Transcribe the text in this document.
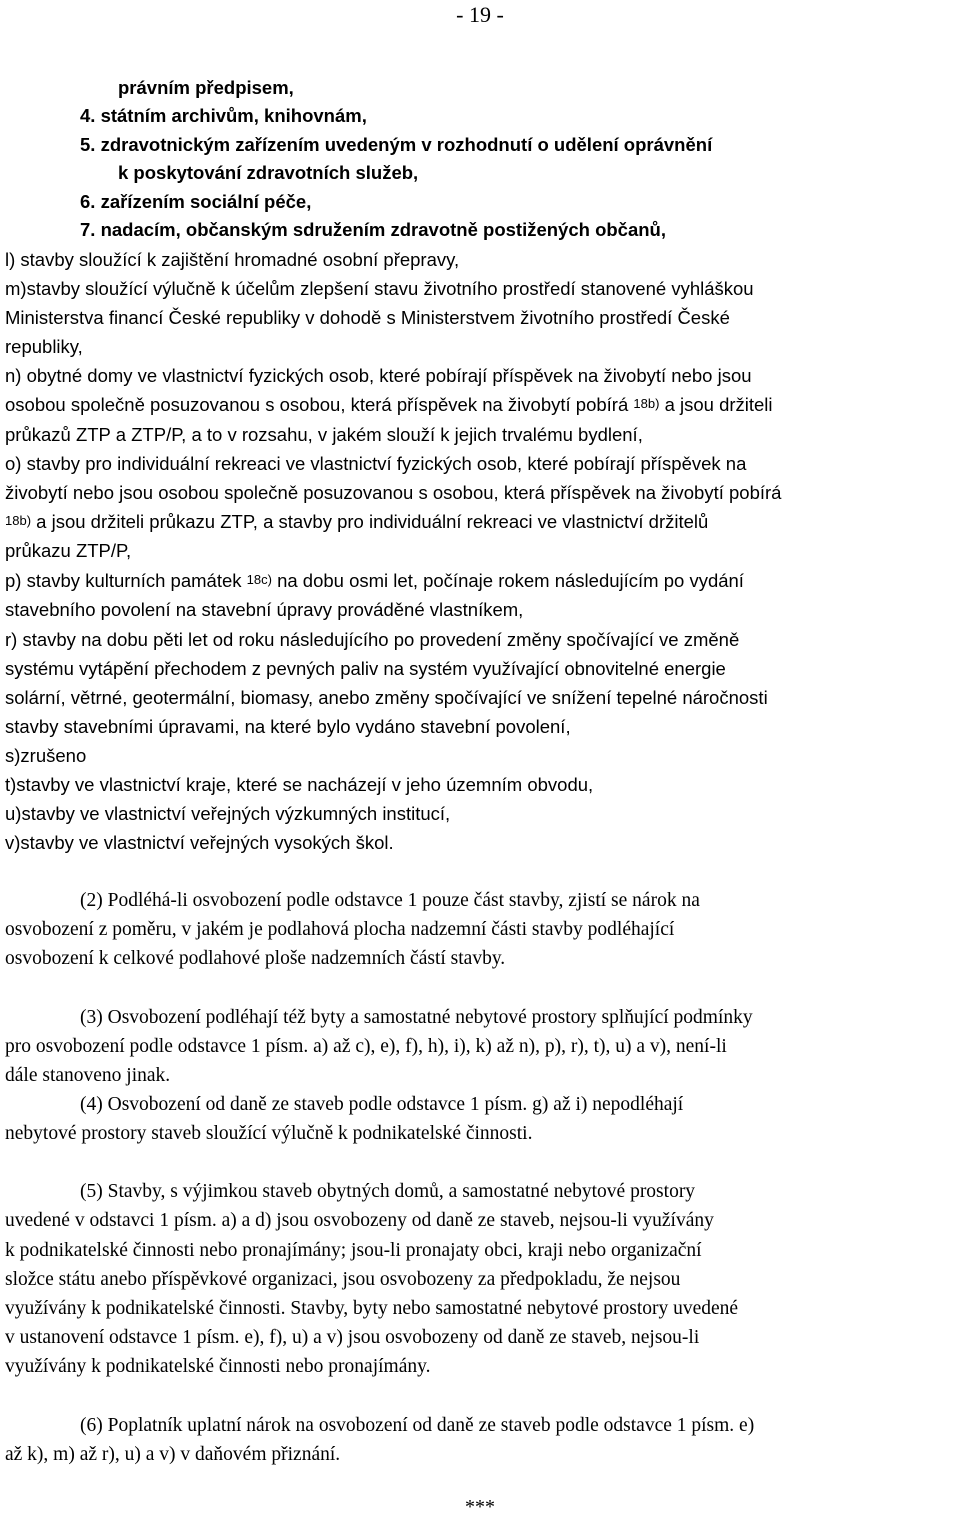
- 19 -
právním předpisem,
4. státním archivům, knihovnám,
5. zdravotnickým zařízením uvedeným v rozhodnutí o udělení oprávnění
k poskytování zdravotních služeb,
6. zařízením sociální péče,
7. nadacím, občanským sdružením zdravotně postižených občanů,
l) stavby sloužící k zajištění hromadné osobní přepravy,
m)stavby sloužící výlučně k účelům zlepšení stavu životního prostředí stanovené vyhláškou
Ministerstva financí České republiky v dohodě s Ministerstvem životního prostředí České
republiky,
n) obytné domy ve vlastnictví fyzických osob, které pobírají příspěvek na živobytí nebo jsou
osobou společně posuzovanou s osobou, která příspěvek na živobytí pobírá $^{18b)}$ a jsou držiteli
průkazů ZTP a ZTP/P, a to v rozsahu, v jakém slouží k jejich trvalému bydlení,
o) stavby pro individuální rekreaci ve vlastnictví fyzických osob, které pobírají příspěvek na
živobytí nebo jsou osobou společně posuzovanou s osobou, která příspěvek na živobytí pobírá
$^{18b)}$ a jsou držiteli průkazu ZTP, a stavby pro individuální rekreaci ve vlastnictví držitelů
průkazu ZTP/P,
p) stavby kulturních památek $^{18c)}$ na dobu osmi let, počínaje rokem následujícím po vydání
stavebního povolení na stavební úpravy prováděné vlastníkem,
r) stavby na dobu pěti let od roku následujícího po provedení změny spočívající ve změně
systému vytápění přechodem z pevných paliv na systém využívající obnovitelné energie
solární, větrné, geotermální, biomasy, anebo změny spočívající ve snížení tepelné náročnosti
stavby stavebními úpravami, na které bylo vydáno stavební povolení,
s)zrušeno
t)stavby ve vlastnictví kraje, které se nacházejí v jeho územním obvodu,
u)stavby ve vlastnictví veřejných výzkumných institucí,
v)stavby ve vlastnictví veřejných vysokých škol.
(2) Podléhá-li osvobození podle odstavce 1 pouze část stavby, zjistí se nárok na
osvobození z poměru, v jakém je podlahová plocha nadzemní části stavby podléhající
osvobození k celkové podlahové ploše nadzemních částí stavby.
(3) Osvobození podléhají též byty a samostatné nebytové prostory splňující podmínky
pro osvobození podle odstavce 1 písm. a) až c), e), f), h), i), k) až n), p), r), t), u) a v), není-li
dále stanoveno jinak.
(4) Osvobození od daně ze staveb podle odstavce 1 písm. g) až i) nepodléhají
nebytové prostory staveb sloužící výlučně k podnikatelské činnosti.
(5) Stavby, s výjimkou staveb obytných domů, a samostatné nebytové prostory
uvedené v odstavci 1 písm. a) a d) jsou osvobozeny od daně ze staveb, nejsou-li využívány
k podnikatelské činnosti nebo pronajímány; jsou-li pronajaty obci, kraji nebo organizační
složce státu anebo příspěvkové organizaci, jsou osvobozeny za předpokladu, že nejsou
využívány k podnikatelské činnosti. Stavby, byty nebo samostatné nebytové prostory uvedené
v ustanovení odstavce 1 písm. e), f), u) a v) jsou osvobozeny od daně ze staveb, nejsou-li
využívány k podnikatelské činnosti nebo pronajímány.
(6) Poplatník uplatní nárok na osvobození od daně ze staveb podle odstavce 1 písm. e)
až k), m) až r), u) a v) v daňovém přiznání.
***
